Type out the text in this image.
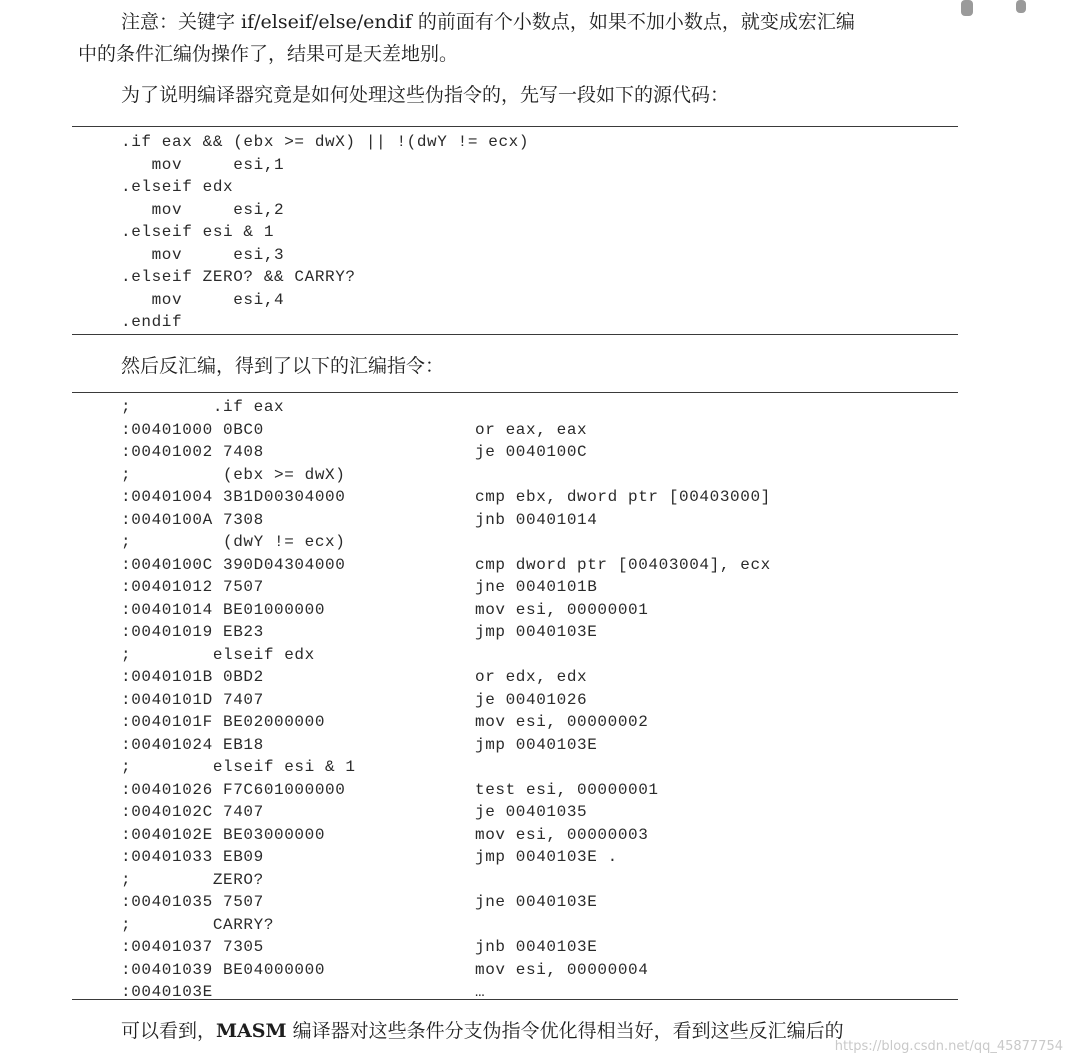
注意：关键字 if/elseif/else/endif 的前面有个小数点，如果不加小数点，就变成宏汇编

中的条件汇编伪操作了，结果可是天差地别。

为了说明编译器究竟是如何处理这些伪指令的，先写一段如下的源代码：

.if eax && (ebx >= dwX) || !(dwY != ecx)
mov     esi,1
.elseif edx
mov     esi,2
.elseif esi & 1
mov     esi,3
.elseif ZERO? && CARRY?
mov     esi,4
.endif

然后反汇编，得到了以下的汇编指令：

;        .if eax
:00401000 0BC0	or eax, eax
:00401002 7408	je 0040100C
;         (ebx >= dwX)
:00401004 3B1D00304000	cmp ebx, dword ptr [00403000]
:0040100A 7308	jnb 00401014
;         (dwY != ecx)
:0040100C 390D04304000	cmp dword ptr [00403004], ecx
:00401012 7507	jne 0040101B
:00401014 BE01000000	mov esi, 00000001
:00401019 EB23	jmp 0040103E
;        elseif edx
:0040101B 0BD2	or edx, edx
:0040101D 7407	je 00401026
:0040101F BE02000000	mov esi, 00000002
:00401024 EB18	jmp 0040103E
;        elseif esi & 1
:00401026 F7C601000000	test esi, 00000001
:0040102C 7407	je 00401035
:0040102E BE03000000	mov esi, 00000003
:00401033 EB09	jmp 0040103E .
;        ZERO?
:00401035 7507	jne 0040103E
;        CARRY?
:00401037 7305	jnb 0040103E
:00401039 BE04000000	mov esi, 00000004
:0040103E	…

可以看到，MASM 编译器对这些条件分支伪指令优化得相当好，看到这些反汇编后的

https://blog.csdn.net/qq_45877754
